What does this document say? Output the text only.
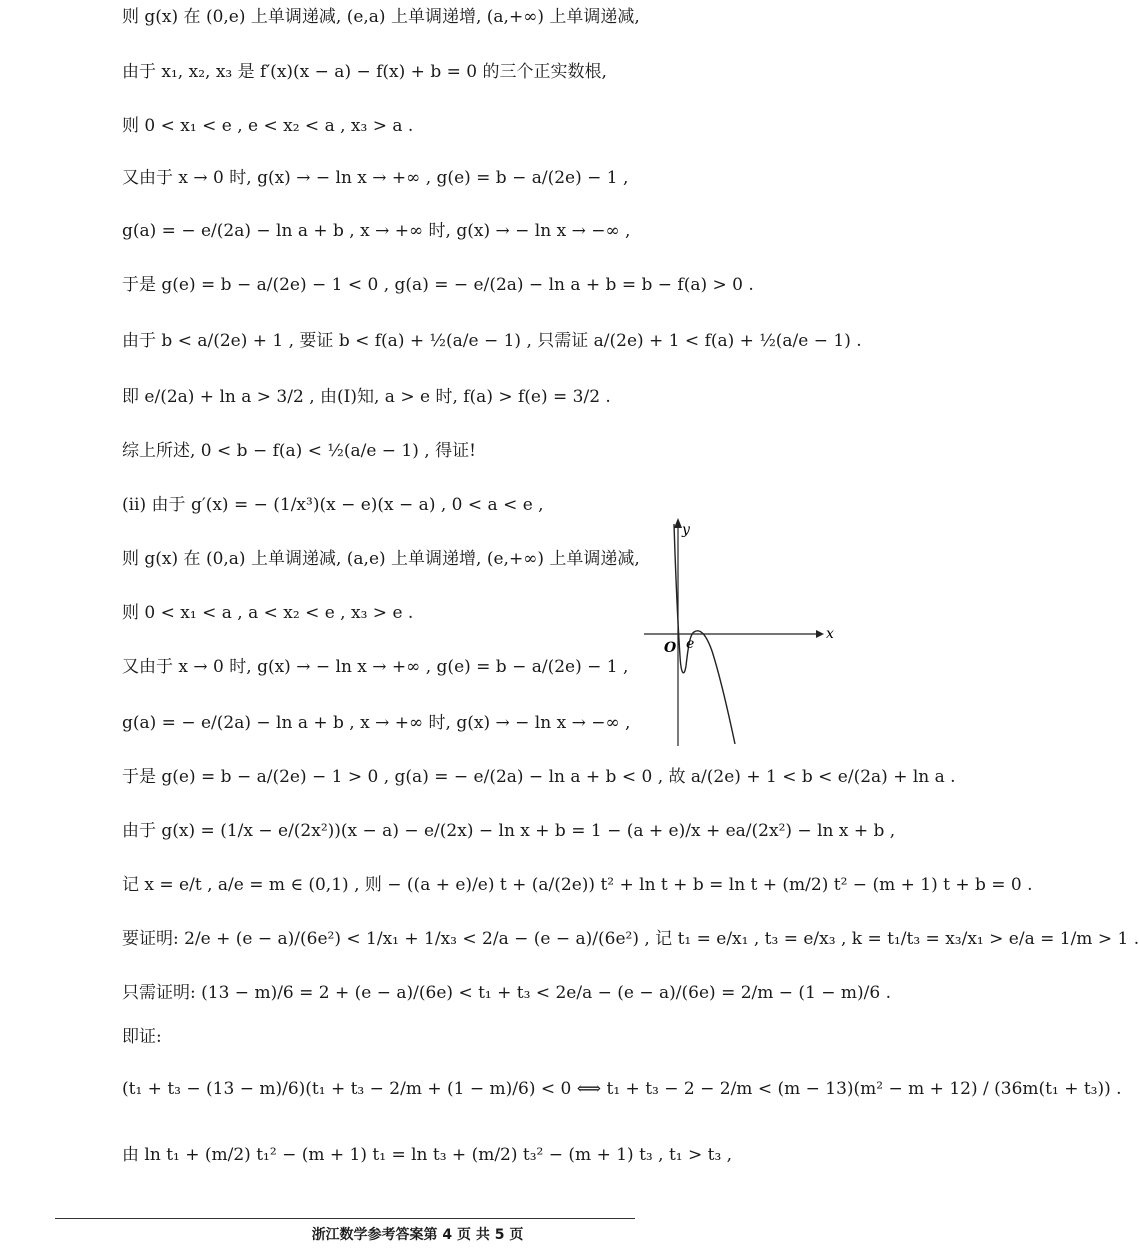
则 g(x) 在 (0,e) 上单调递减, (e,a) 上单调递增, (a,+∞) 上单调递减,
由于 x₁, x₂, x₃ 是 f′(x)(x − a) − f(x) + b = 0 的三个正实数根,
则 0 < x₁ < e , e < x₂ < a , x₃ > a .
又由于 x → 0 时, g(x) → − ln x → +∞ , g(e) = b − a/(2e) − 1 ,
g(a) = − e/(2a) − ln a + b , x → +∞ 时, g(x) → − ln x → −∞ ,
于是 g(e) = b − a/(2e) − 1 < 0 , g(a) = − e/(2a) − ln a + b = b − f(a) > 0 .
由于 b < a/(2e) + 1 , 要证 b < f(a) + ½(a/e − 1) , 只需证 a/(2e) + 1 < f(a) + ½(a/e − 1) .
即 e/(2a) + ln a > 3/2 , 由(Ⅰ)知, a > e 时, f(a) > f(e) = 3/2 .
综上所述, 0 < b − f(a) < ½(a/e − 1) , 得证!
(ⅱ) 由于 g′(x) = − (1/x³)(x − e)(x − a) , 0 < a < e ,
则 g(x) 在 (0,a) 上单调递减, (a,e) 上单调递增, (e,+∞) 上单调递减,
则 0 < x₁ < a , a < x₂ < e , x₃ > e .
又由于 x → 0 时, g(x) → − ln x → +∞ , g(e) = b − a/(2e) − 1 ,
g(a) = − e/(2a) − ln a + b , x → +∞ 时, g(x) → − ln x → −∞ ,
于是 g(e) = b − a/(2e) − 1 > 0 , g(a) = − e/(2a) − ln a + b < 0 , 故 a/(2e) + 1 < b < e/(2a) + ln a .
由于 g(x) = (1/x − e/(2x²))(x − a) − e/(2x) − ln x + b = 1 − (a + e)/x + ea/(2x²) − ln x + b ,
记 x = e/t , a/e = m ∈ (0,1) , 则 − ((a + e)/e) t + (a/(2e)) t² + ln t + b = ln t + (m/2) t² − (m + 1) t + b = 0 .
要证明: 2/e + (e − a)/(6e²) < 1/x₁ + 1/x₃ < 2/a − (e − a)/(6e²) , 记 t₁ = e/x₁ , t₃ = e/x₃ , k = t₁/t₃ = x₃/x₁ > e/a = 1/m > 1 .
只需证明: (13 − m)/6 = 2 + (e − a)/(6e) < t₁ + t₃ < 2e/a − (e − a)/(6e) = 2/m − (1 − m)/6 .
即证:
(t₁ + t₃ − (13 − m)/6)(t₁ + t₃ − 2/m + (1 − m)/6) < 0 ⟺ t₁ + t₃ − 2 − 2/m < (m − 13)(m² − m + 12) / (36m(t₁ + t₃)) .
由 ln t₁ + (m/2) t₁² − (m + 1) t₁ = ln t₃ + (m/2) t₃² − (m + 1) t₃ , t₁ > t₃ ,
x
y
O e
浙江数学参考答案第 4 页 共 5 页
